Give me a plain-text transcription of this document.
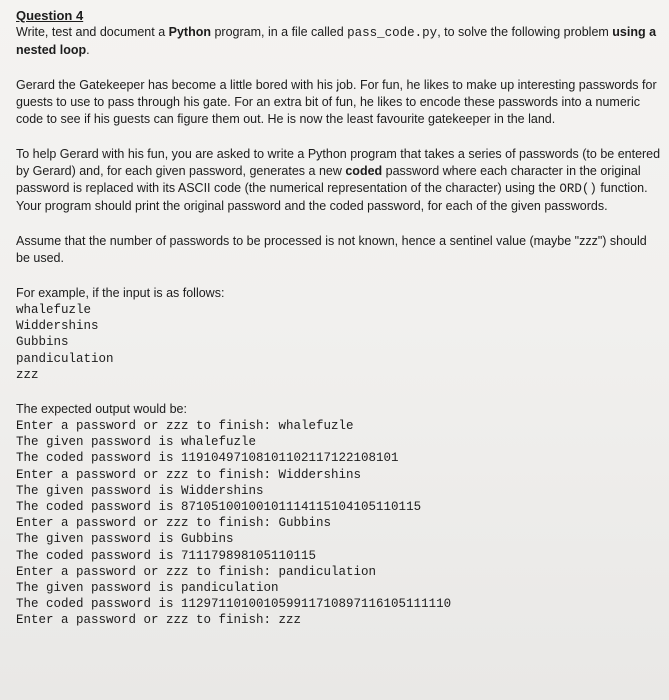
Question 4

Write, test and document a Python program, in a file called pass_code.py, to solve the following problem using a nested loop.

Gerard the Gatekeeper has become a little bored with his job. For fun, he likes to make up interesting passwords for guests to use to pass through his gate. For an extra bit of fun, he likes to encode these passwords into a numeric code to see if his guests can figure them out. He is now the least favourite gatekeeper in the land.

To help Gerard with his fun, you are asked to write a Python program that takes a series of passwords (to be entered by Gerard) and, for each given password, generates a new coded password where each character in the original password is replaced with its ASCII code (the numerical representation of the character) using the ORD() function. Your program should print the original password and the coded password, for each of the given passwords.

Assume that the number of passwords to be processed is not known, hence a sentinel value (maybe "zzz") should be used.

For example, if the input is as follows:

whalefuzle
Widdershins
Gubbins
pandiculation
zzz

The expected output would be:

Enter a password or zzz to finish: whalefuzle
The given password is whalefuzle
The coded password is 11910497108101102117122108101
Enter a password or zzz to finish: Widdershins
The given password is Widdershins
The coded password is 87105100100101114115104105110115
Enter a password or zzz to finish: Gubbins
The given password is Gubbins
The coded password is 711179898105110115
Enter a password or zzz to finish: pandiculation
The given password is pandiculation
The coded password is 112971101001059911710897116105111110
Enter a password or zzz to finish: zzz
